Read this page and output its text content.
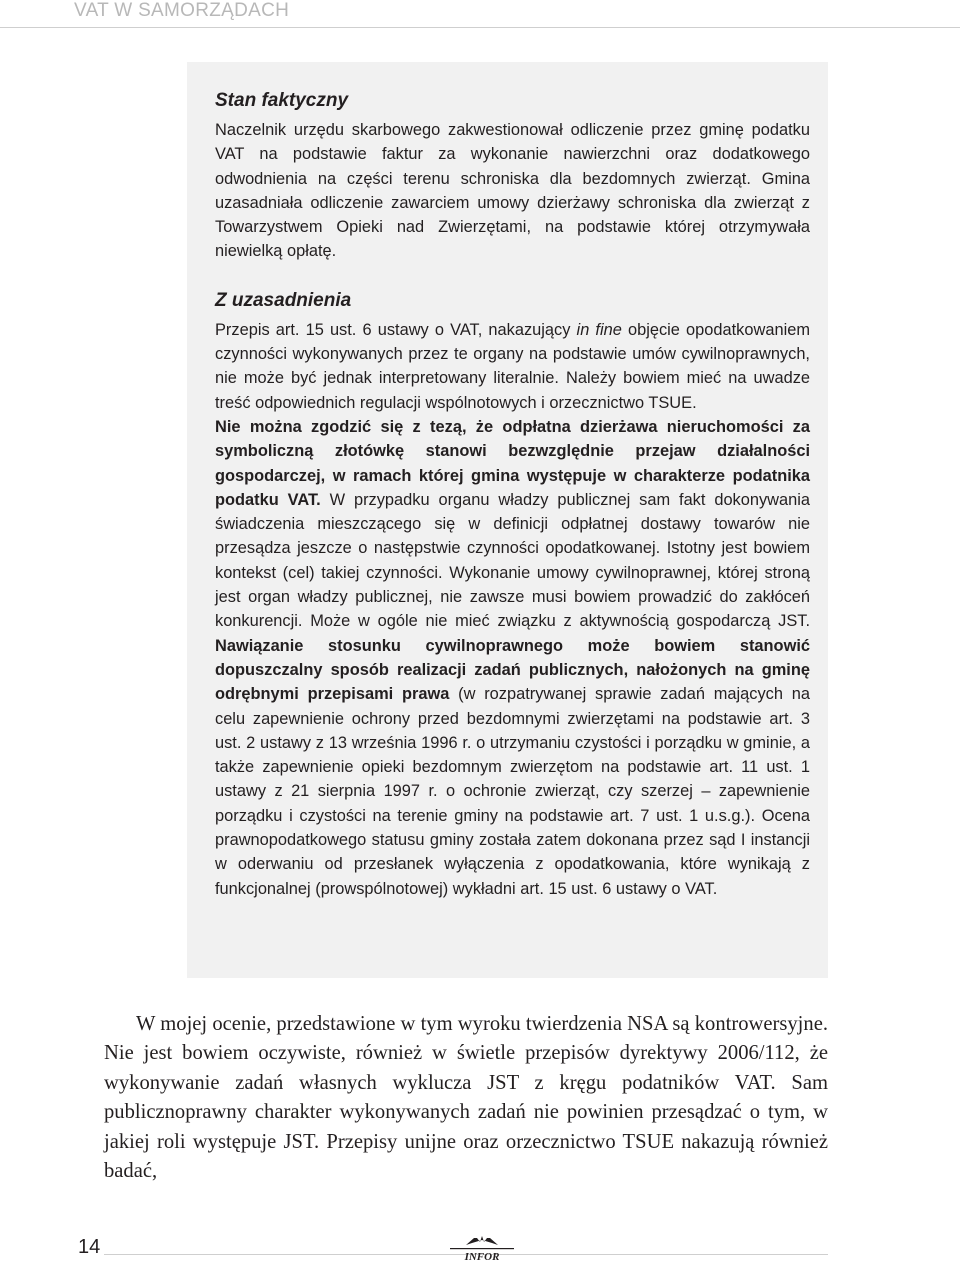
VAT W SAMORZĄDACH
Stan faktyczny

Naczelnik urzędu skarbowego zakwestionował odliczenie przez gminę podatku VAT na podstawie faktur za wykonanie nawierzchni oraz dodatkowego odwodnienia na części terenu schroniska dla bezdomnych zwierząt. Gmina uzasadniała odliczenie zawarciem umowy dzierżawy schroniska dla zwierząt z Towarzystwem Opieki nad Zwierzętami, na podstawie której otrzymywała niewielką opłatę.

Z uzasadnienia

Przepis art. 15 ust. 6 ustawy o VAT, nakazujący in fine objęcie opodatkowaniem czynności wykonywanych przez te organy na podstawie umów cywilnoprawnych, nie może być jednak interpretowany literalnie. Należy bowiem mieć na uwadze treść odpowiednich regulacji wspólnotowych i orzecznictwo TSUE.

Nie można zgodzić się z tezą, że odpłatna dzierżawa nieruchomości za symboliczną złotówkę stanowi bezwzględnie przejaw działalności gospodarczej, w ramach której gmina występuje w charakterze podatnika podatku VAT. W przypadku organu władzy publicznej sam fakt dokonywania świadczenia mieszczącego się w definicji odpłatnej dostawy towarów nie przesądza jeszcze o następstwie czynności opodatkowanej. Istotny jest bowiem kontekst (cel) takiej czynności. Wykonanie umowy cywilnoprawnej, której stroną jest organ władzy publicznej, nie zawsze musi bowiem prowadzić do zakłóceń konkurencji. Może w ogóle nie mieć związku z aktywnością gospodarczą JST. Nawiązanie stosunku cywilnoprawnego może bowiem stanowić dopuszczalny sposób realizacji zadań publicznych, nałożonych na gminę odrębnymi przepisami prawa (w rozpatrywanej sprawie zadań mających na celu zapewnienie ochrony przed bezdomnymi zwierzętami na podstawie art. 3 ust. 2 ustawy z 13 września 1996 r. o utrzymaniu czystości i porządku w gminie, a także zapewnienie opieki bezdomnym zwierzętom na podstawie art. 11 ust. 1 ustawy z 21 sierpnia 1997 r. o ochronie zwierząt, czy szerzej – zapewnienie porządku i czystości na terenie gminy na podstawie art. 7 ust. 1 u.s.g.). Ocena prawnopodatkowego statusu gminy została zatem dokonana przez sąd I instancji w oderwaniu od przesłanek wyłączenia z opodatkowania, które wynikają z funkcjonalnej (prowspólnotowej) wykładni art. 15 ust. 6 ustawy o VAT.

W mojej ocenie, przedstawione w tym wyroku twierdzenia NSA są kontrowersyjne. Nie jest bowiem oczywiste, również w świetle przepisów dyrektywy 2006/112, że wykonywanie zadań własnych wyklucza JST z kręgu podatników VAT. Sam publicznoprawny charakter wykonywanych zadań nie powinien przesądzać o tym, w jakiej roli występuje JST. Przepisy unijne oraz orzecznictwo TSUE nakazują również badać,

14	INFOR
